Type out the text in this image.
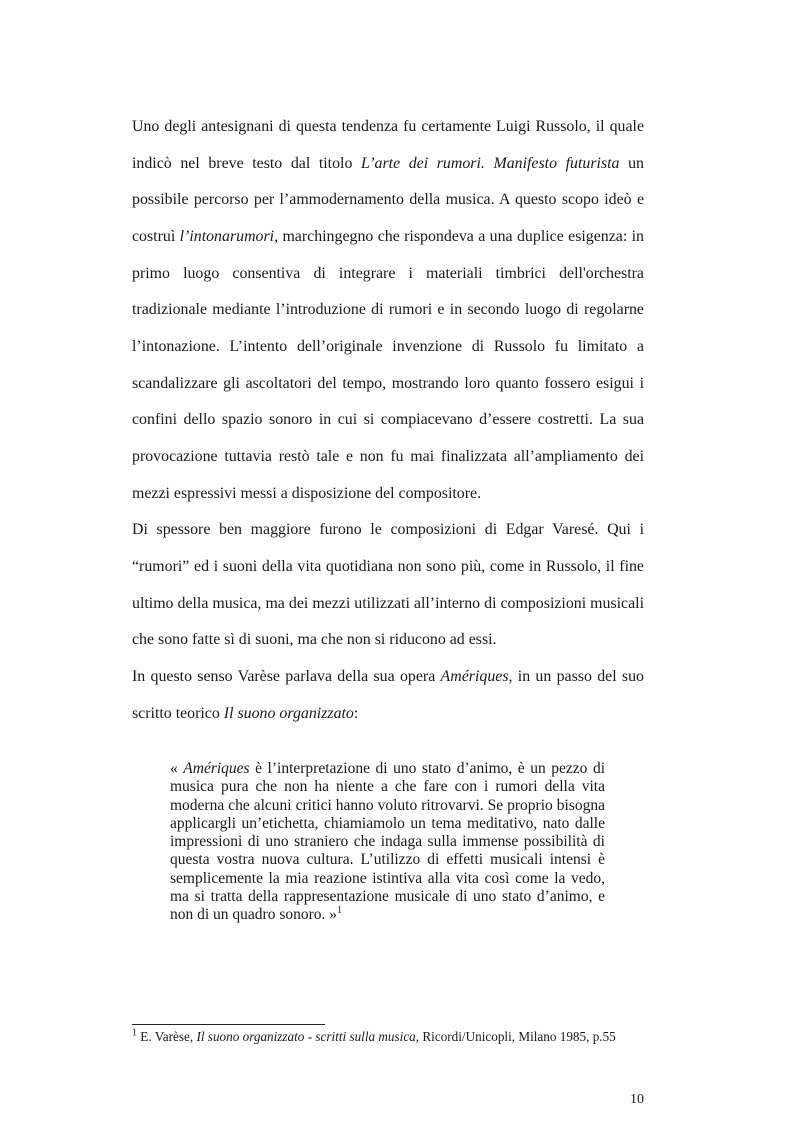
Uno degli antesignani di questa tendenza fu certamente Luigi Russolo, il quale indicò nel breve testo dal titolo L’arte dei rumori. Manifesto futurista un possibile percorso per l’ammodernamento della musica. A questo scopo ideò e costruì l’intonarumori, marchingegno che rispondeva a una duplice esigenza: in primo luogo consentiva di integrare i materiali timbrici dell'orchestra tradizionale mediante l’introduzione di rumori e in secondo luogo di regolarne l’intonazione. L’intento dell’originale invenzione di Russolo fu limitato a scandalizzare gli ascoltatori del tempo, mostrando loro quanto fossero esigui i confini dello spazio sonoro in cui si compiacevano d’essere costretti. La sua provocazione tuttavia restò tale e non fu mai finalizzata all’ampliamento dei mezzi espressivi messi a disposizione del compositore.

Di spessore ben maggiore furono le composizioni di Edgar Varesé. Qui i “rumori” ed i suoni della vita quotidiana non sono più, come in Russolo, il fine ultimo della musica, ma dei mezzi utilizzati all’interno di composizioni musicali che sono fatte sì di suoni, ma che non si riducono ad essi.

In questo senso Varèse parlava della sua opera Amériques, in un passo del suo scritto teorico Il suono organizzato:

« Amériques è l’interpretazione di uno stato d’animo, è un pezzo di musica pura che non ha niente a che fare con i rumori della vita moderna che alcuni critici hanno voluto ritrovarvi. Se proprio bisogna applicargli un’etichetta, chiamiamolo un tema meditativo, nato dalle impressioni di uno straniero che indaga sulla immense possibilità di questa vostra nuova cultura. L’utilizzo di effetti musicali intensi è semplicemente la mia reazione istintiva alla vita così come la vedo, ma si tratta della rappresentazione musicale di uno stato d’animo, e non di un quadro sonoro. »$^1$

$^1$ E. Varèse, Il suono organizzato - scritti sulla musica, Ricordi/Unicopli, Milano 1985, p.55
10
